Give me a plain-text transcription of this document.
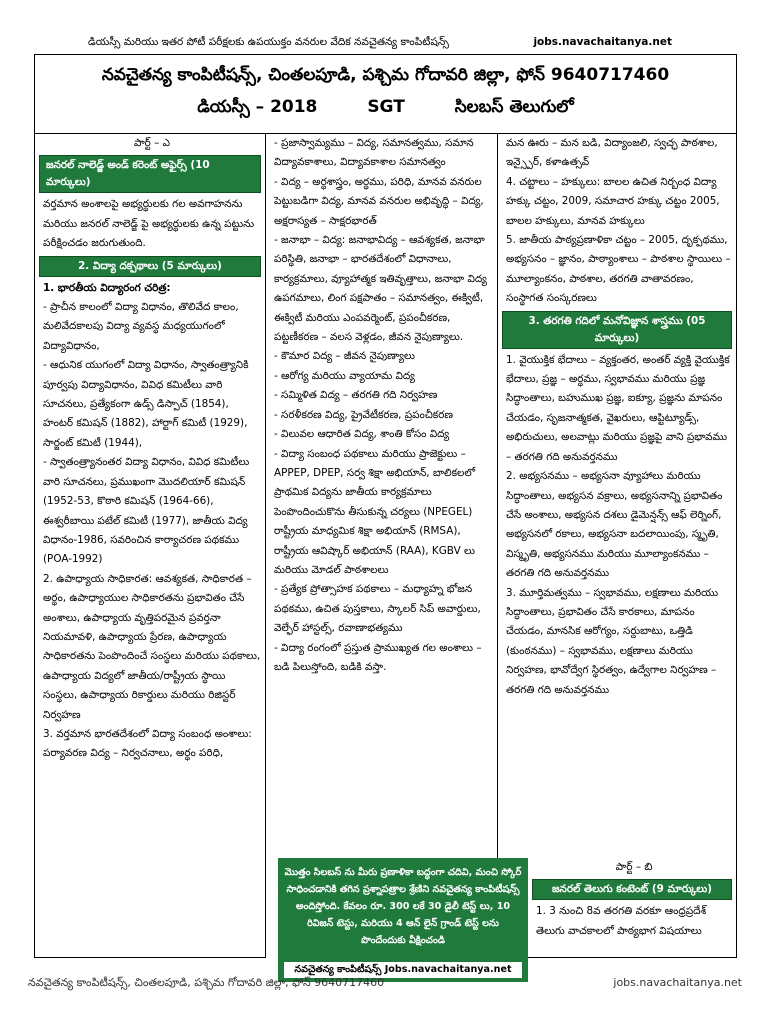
డియస్సీ మరియు ఇతర పోటీ పరీక్షలకు ఉపయుక్తం వనరుల వేదిక నవచైతన్య కాంపిటీషన్స్	jobs.navachaitanya.net
నవచైతన్య కాంపిటీషన్స్, చింతలపూడి, పశ్చిమ గోదావరి జిల్లా, ఫోన్ 9640717460
డియస్సీ – 2018	SGT	సిలబస్ తెలుగులో
పార్ట్ – ఎ
జనరల్ నాలెడ్జ్ అండ్ కరెంట్ అఫైర్స్ (10 మార్కులు)
వర్తమాన అంశాలపై అభ్యర్థులకు గల అవగాహనను మరియు జనరల్ నాలెడ్జ్ పై అభ్యర్థులకు ఉన్న పట్టును పరీక్షించడం జరుగుతుంది.
2. విద్యా దక్పథాలు (5 మార్కులు)
1. భారతీయ విద్యారంగ చరిత్ర:
- ప్రాచీన కాలంలో విద్యా విధానం, తొలివేద కాలం, మలివేదకాలపు విద్యా వ్యవస్థ మధ్యయుగంలో విద్యావిధానం,
- ఆధునిక యుగంలో విద్యా విధానం, స్వాతంత్ర్యానికి పూర్వపు విద్యావిధానం, వివిధ కమిటీలు వారి సూచనలు, ప్రత్యేకంగా ఉడ్స్ డిస్పాచ్ (1854), హంటర్ కమిషన్ (1882), హార్టాగ్ కమిటీ (1929), సార్జంట్ కమిటీ (1944),
- స్వాతంత్ర్యానంతర విద్యా విధానం, వివిధ కమిటీలు వారి సూచనలు, ప్రముఖంగా మొదలియార్ కమిషన్ (1952-53, కొఠారి కమిషన్ (1964-66), ఈశ్వరీబాయి పటేల్ కమిటీ (1977), జాతీయ విద్య విధానం-1986, సవరించిన కార్యాచరణ పథకము (POA-1992)
2. ఉపాధ్యాయ సాధికారత: ఆవశ్యకత, సాధికారత – అర్థం, ఉపాధ్యాయుల సాధికారతను ప్రభావితం చేసే అంశాలు, ఉపాధ్యాయ వృత్తిపరమైన ప్రవర్తనా నియమావళి, ఉపాధ్యాయ ప్రేరణ, ఉపాధ్యాయ సాధికారతను పెంపొందించే సంస్థలు మరియు పథకాలు, ఉపాధ్యాయ విద్యలో జాతీయ/రాష్ట్రీయ స్థాయి సంస్థలు, ఉపాధ్యాయ రికార్డులు మరియు రిజిస్టర్ నిర్వహణ
3. వర్తమాన భారతదేశంలో విద్యా సంబంధ అంశాలు: పర్యావరణ విద్య – నిర్వచనాలు, అర్థం పరిధి,
- ప్రజాస్వామ్యము – విద్య, సమానత్వము, సమాన విద్యావకాశాలు, విద్యావకాశాల సమానత్వం
- విద్య – అర్థశాస్త్రం, అర్థము, పరిధి, మానవ వనరుల పెట్టుబడిగా విద్య, మానవ వనరుల అభివృద్ధి – విద్య, అక్షరాస్యత – సాక్షరభారత్
- జనాభా – విద్య: జనాభావిద్య – ఆవశ్యకత, జనాభా పరిస్థితి, జనాభా – భారతదేశంలో విధానాలు, కార్యక్రమాలు, వ్యూహాత్మక ఇతివృత్తాలు, జనాభా విద్య ఉపగమాలు, లింగ పక్షపాతం – సమానత్వం, ఈక్విటీ, ఈక్విటీ మరియు ఎంపవర్మెంట్, ప్రపంచీకరణ, పట్టణీకరణ – వలస వెళ్లడం, జీవన నైపుణ్యాలు.
- కౌమార విద్య – జీవన నైపుణ్యాలు
- ఆరోగ్య మరియు వ్యాయామ విద్య
- సమ్మిళిత విద్య – తరగతి గది నిర్వహణ
- సరళీకరణ విద్య, ప్రైవేటీకరణ, ప్రపంచీకరణ
- విలువల ఆధారిత విద్య, శాంతి కోసం విద్య
- విద్యా సంబంధ పథకాలు మరియు ప్రాజెక్టులు – APPEP, DPEP, సర్వ శిక్షా అభియాన్, బాలికలలో ప్రాథమిక విద్యను జాతీయ కార్యక్రమాలు పెంపొందించుకొను తీసుకున్న చర్యలు (NPEGEL) రాష్ట్రీయ మాధ్యమిక శిక్షా అభియాన్ (RMSA), రాష్ట్రీయ ఆవిష్కార్ అభియాన్ (RAA), KGBV లు మరియు మోడల్ పాఠశాలలు
- ప్రత్యేక ప్రోత్సాహక పథకాలు – మధ్యాహ్న భోజన పథకము, ఉచిత పుస్తకాలు, స్కాలర్ సిప్ అవార్డులు, వెల్ఫేర్ హాస్టల్స్, రవాణాభత్యము
- విద్యా రంగంలో ప్రస్తుత ప్రాముఖ్యత గల అంశాలు – బడి పిలుస్తోంది, బడికి వస్తా.
మన ఊరు – మన బడి, విద్యాంజలి, స్వచ్ఛ పాఠశాల, ఇన్స్పైర్, కళాఉత్సవ్
4. చట్టాలు – హక్కులు: బాలల ఉచిత నిర్బంధ విద్యా హక్కు చట్టం, 2009, సమాచార హక్కు చట్టం 2005, బాలల హక్కులు, మానవ హక్కులు
5. జాతీయ పాఠ్యప్రణాళికా చట్టం – 2005, దృక్పథము, అభ్యసనం – జ్ఞానం, పాఠ్యాంశాలు – పాఠశాల స్థాయిలు – మూల్యాంకనం, పాఠశాల, తరగతి వాతావరణం, సంస్థాగత సంస్కరణలు
3. తరగతి గదిలో మనోవిజ్ఞాన శాస్త్రము (05 మార్కులు)
1. వైయుక్తిక భేదాలు – వ్యక్తంతర, అంతర్ వ్యక్తి వైయుక్తిక భేదాలు, ప్రజ్ఞ – అర్థము, స్వభావము మరియు ప్రజ్ఞ సిద్ధాంతాలు, బహుముఖ ప్రజ్ఞ, ఐక్యూ, ప్రజ్ఞను మాపనం చేయడం, సృజనాత్మకత, వైఖరులు, ఆప్టిట్యూడ్స్, అభిరుచులు, అలవాట్లు మరియు ప్రజ్ఞపై వాని ప్రభావము – తరగతి గది అనువర్తనము
2. అభ్యసనము – అభ్యసనా వ్యూహాలు మరియు సిద్ధాంతాలు, అభ్యసన వక్రాలు, అభ్యసనాన్ని ప్రభావితం చేసే అంశాలు, అభ్యసన దశలు డైమెన్షన్స్ ఆఫ్ లెర్నింగ్, అభ్యసనలో రకాలు, అభ్యసనా బదలాయింపు, స్మృతి, విస్మృతి, అభ్యసనము మరియు మూల్యాంకనము – తరగతి గది అనువర్తనము
3. మూర్తిమత్వము – స్వభావము, లక్షణాలు మరియు సిద్ధాంతాలు, ప్రభావితం చేసే కారకాలు, మాపనం చేయడం, మానసిక ఆరోగ్యం, సర్దుబాటు, ఒత్తిడి (కుంఠనము) – స్వభావము, లక్షణాలు మరియు నిర్వహణ, భావోద్వేగ స్థిరత్వం, ఉద్వేగాల నిర్వహణ – తరగతి గది అనువర్తనము
పార్ట్ – బి
జనరల్ తెలుగు కంటెంట్ (9 మార్కులు)
1. 3 నుంచి 8వ తరగతి వరకూ ఆంధ్రప్రదేశ్ తెలుగు వాచకాలలో పాఠ్యభాగ విషయాలు
మొత్తం సిలబస్ ను మీరు ప్రణాళికా బద్ధంగా చదివి, మంచి స్కోర్ సాధించడానికి తగిన ప్రశ్నాపత్రాల శ్రేణిని నవచైతన్య కాంపిటీషన్స్ అందిస్తోంది. కేవలం రూ. 300 లకే 30 డైలీ టెస్ట్ లు, 10 రివిజన్ టెస్టు, మరియు 4 ఆన్ లైన్ గ్రాండ్ టెస్ట్ లను పొందేందుకు వీక్షించండి
నవచైతన్య కాంపిటీషన్స్ Jobs.navachaitanya.net
నవచైతన్య కాంపిటీషన్స్, చింతలపూడి, పశ్చిమ గోదావరి జిల్లా, ఫోన్ 9640717460	jobs.navachaitanya.net
